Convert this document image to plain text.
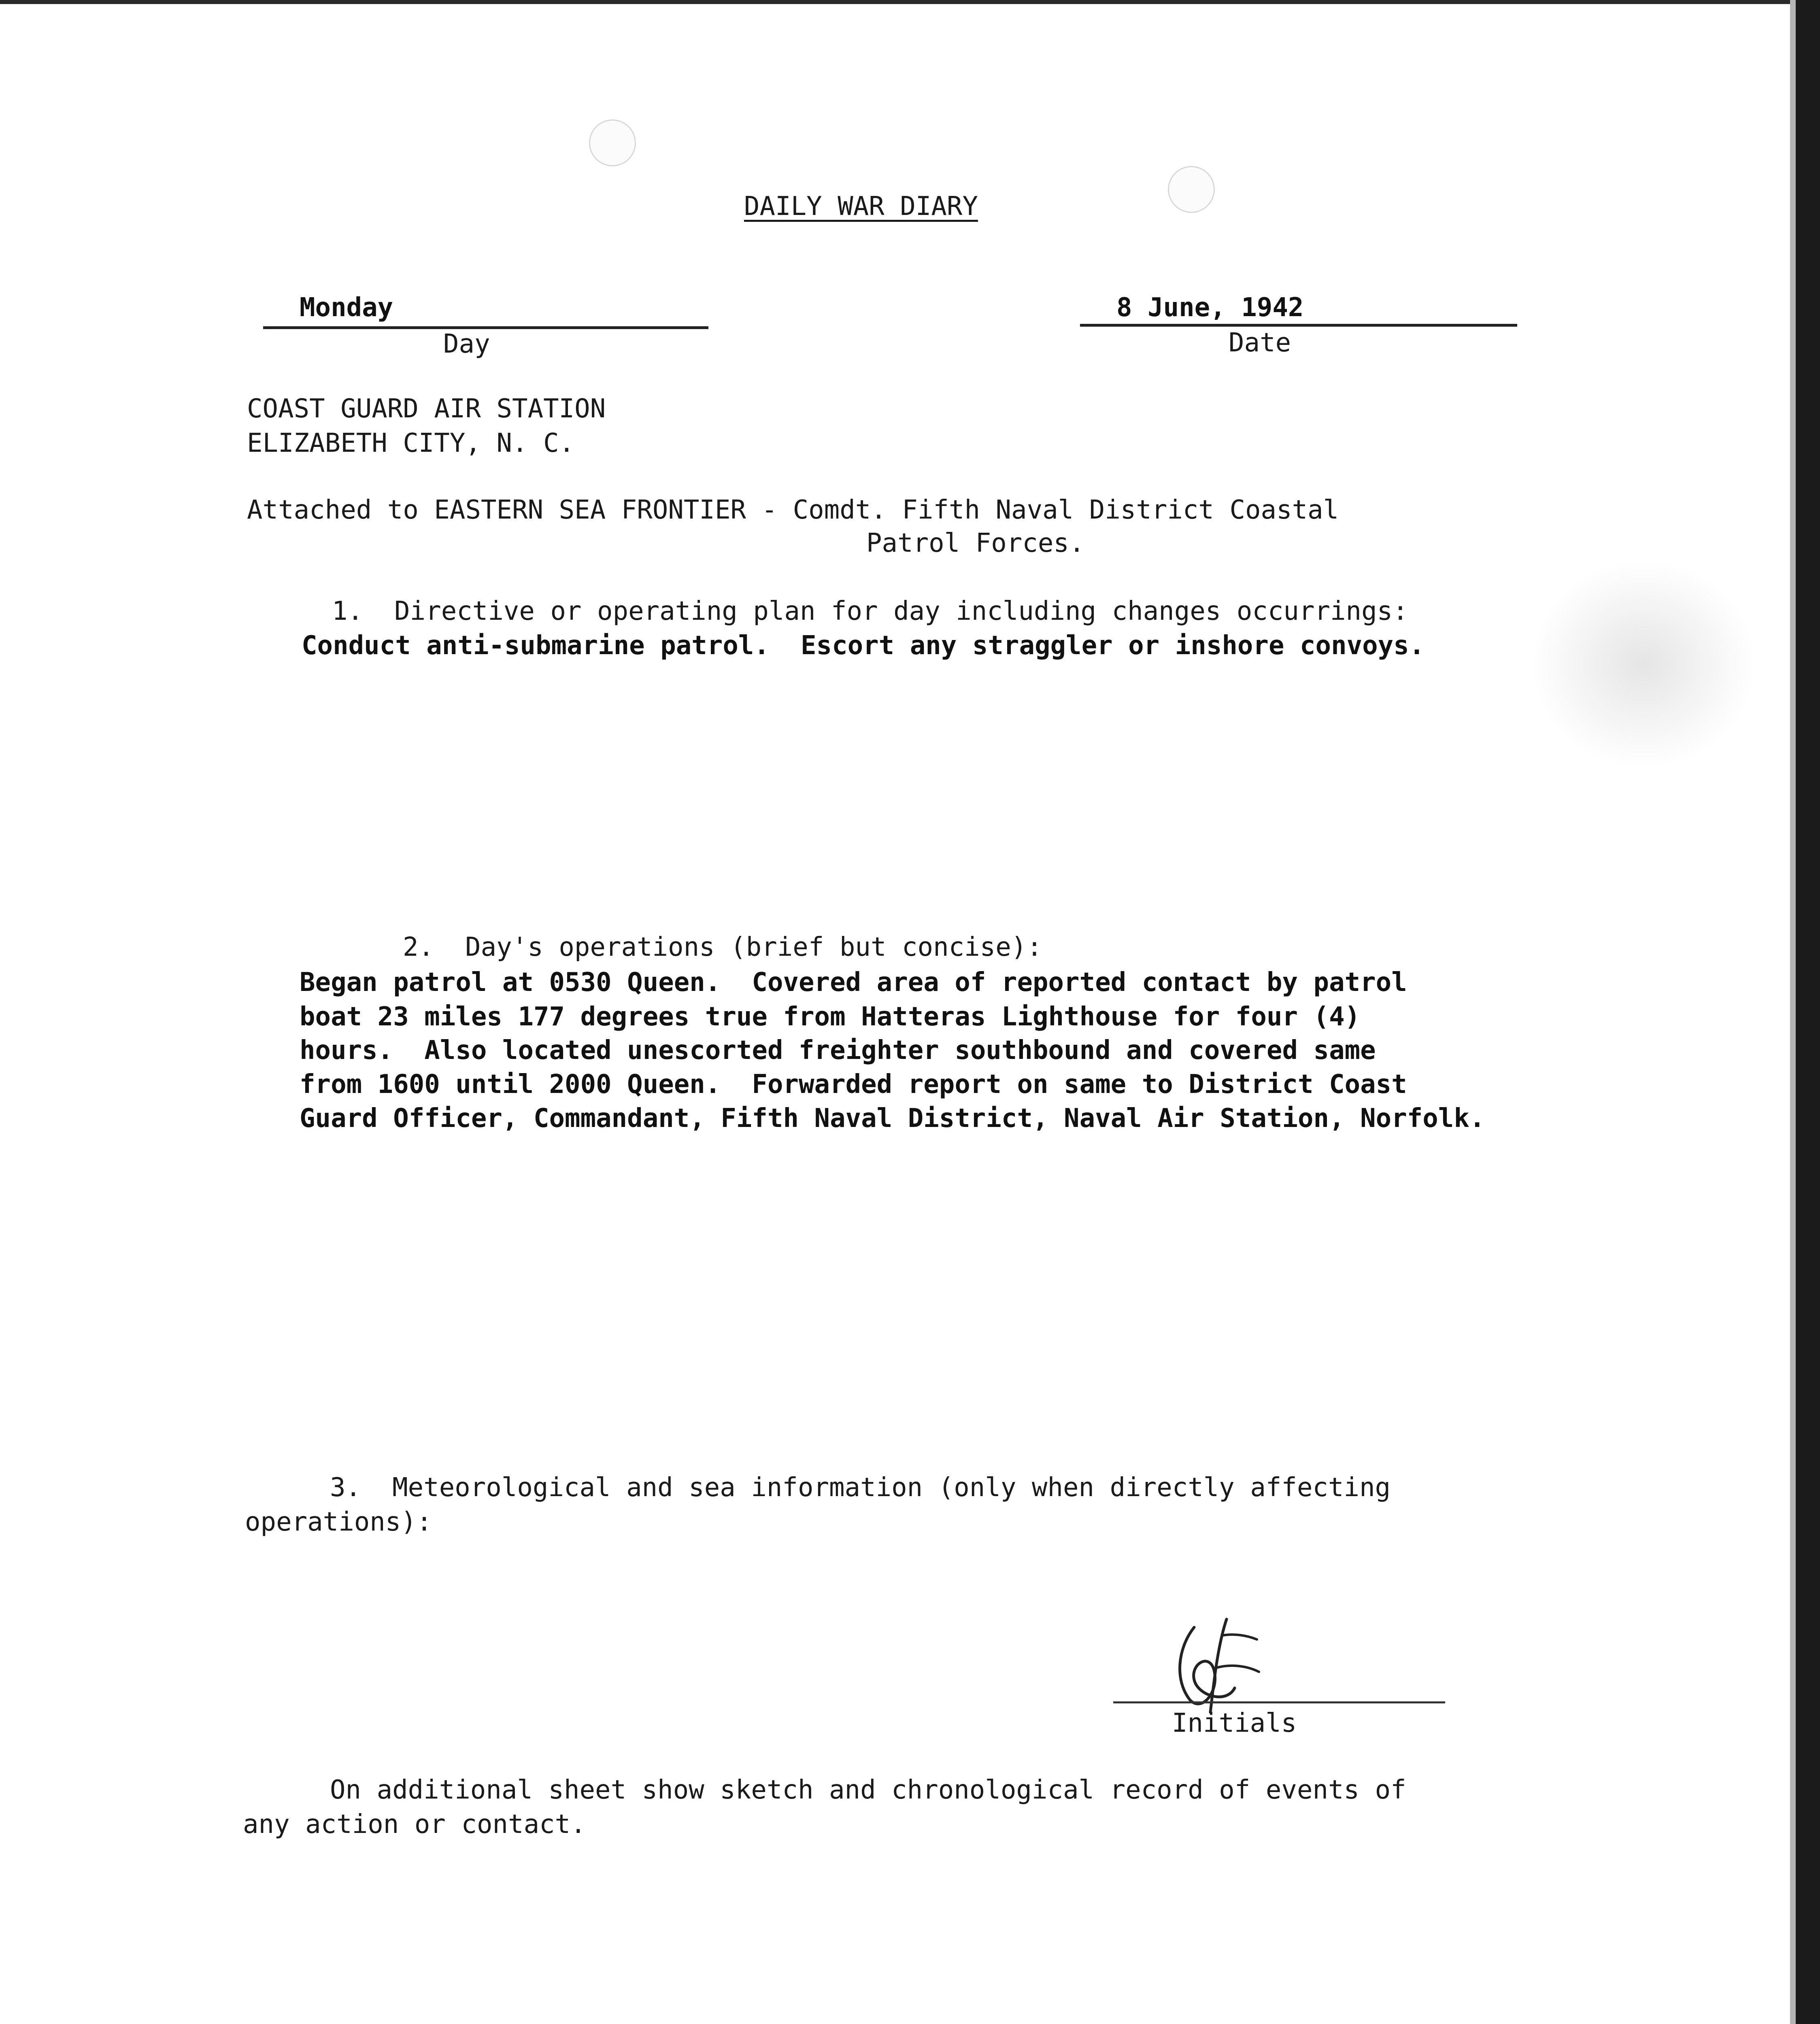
DAILY WAR DIARY
Monday
Day
8 June, 1942
Date
COAST GUARD AIR STATION
ELIZABETH CITY, N. C.
Attached to EASTERN SEA FRONTIER - Comdt. Fifth Naval District Coastal
Patrol Forces.
1.  Directive or operating plan for day including changes occurrings:
Conduct anti-submarine patrol.  Escort any straggler or inshore convoys.
2.  Day's operations (brief but concise):
Began patrol at 0530 Queen.  Covered area of reported contact by patrol
boat 23 miles 177 degrees true from Hatteras Lighthouse for four (4)
hours.  Also located unescorted freighter southbound and covered same
from 1600 until 2000 Queen.  Forwarded report on same to District Coast
Guard Officer, Commandant, Fifth Naval District, Naval Air Station, Norfolk.
3.  Meteorological and sea information (only when directly affecting
operations):
Initials
On additional sheet show sketch and chronological record of events of
any action or contact.
